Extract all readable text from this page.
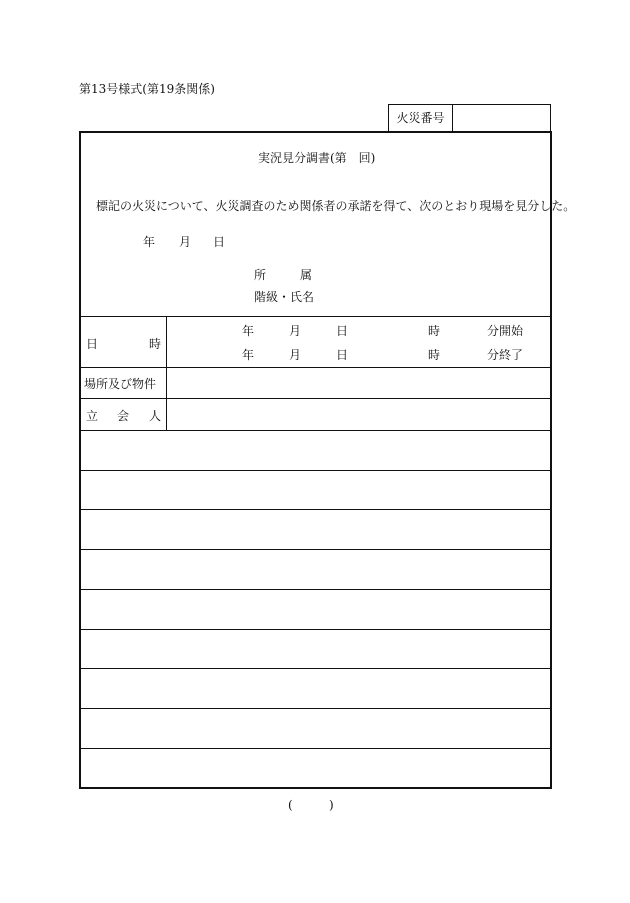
第13号様式(第19条関係)
火災番号
実況見分調書(第　回)
標記の火災について、火災調査のため関係者の承諾を得て、次のとおり現場を見分した。
年 月 日
所	属
階級・氏名
日	時
年	月	日	時	分開始
年	月	日	時	分終了
場所及び物件
立 会 人
(	)
